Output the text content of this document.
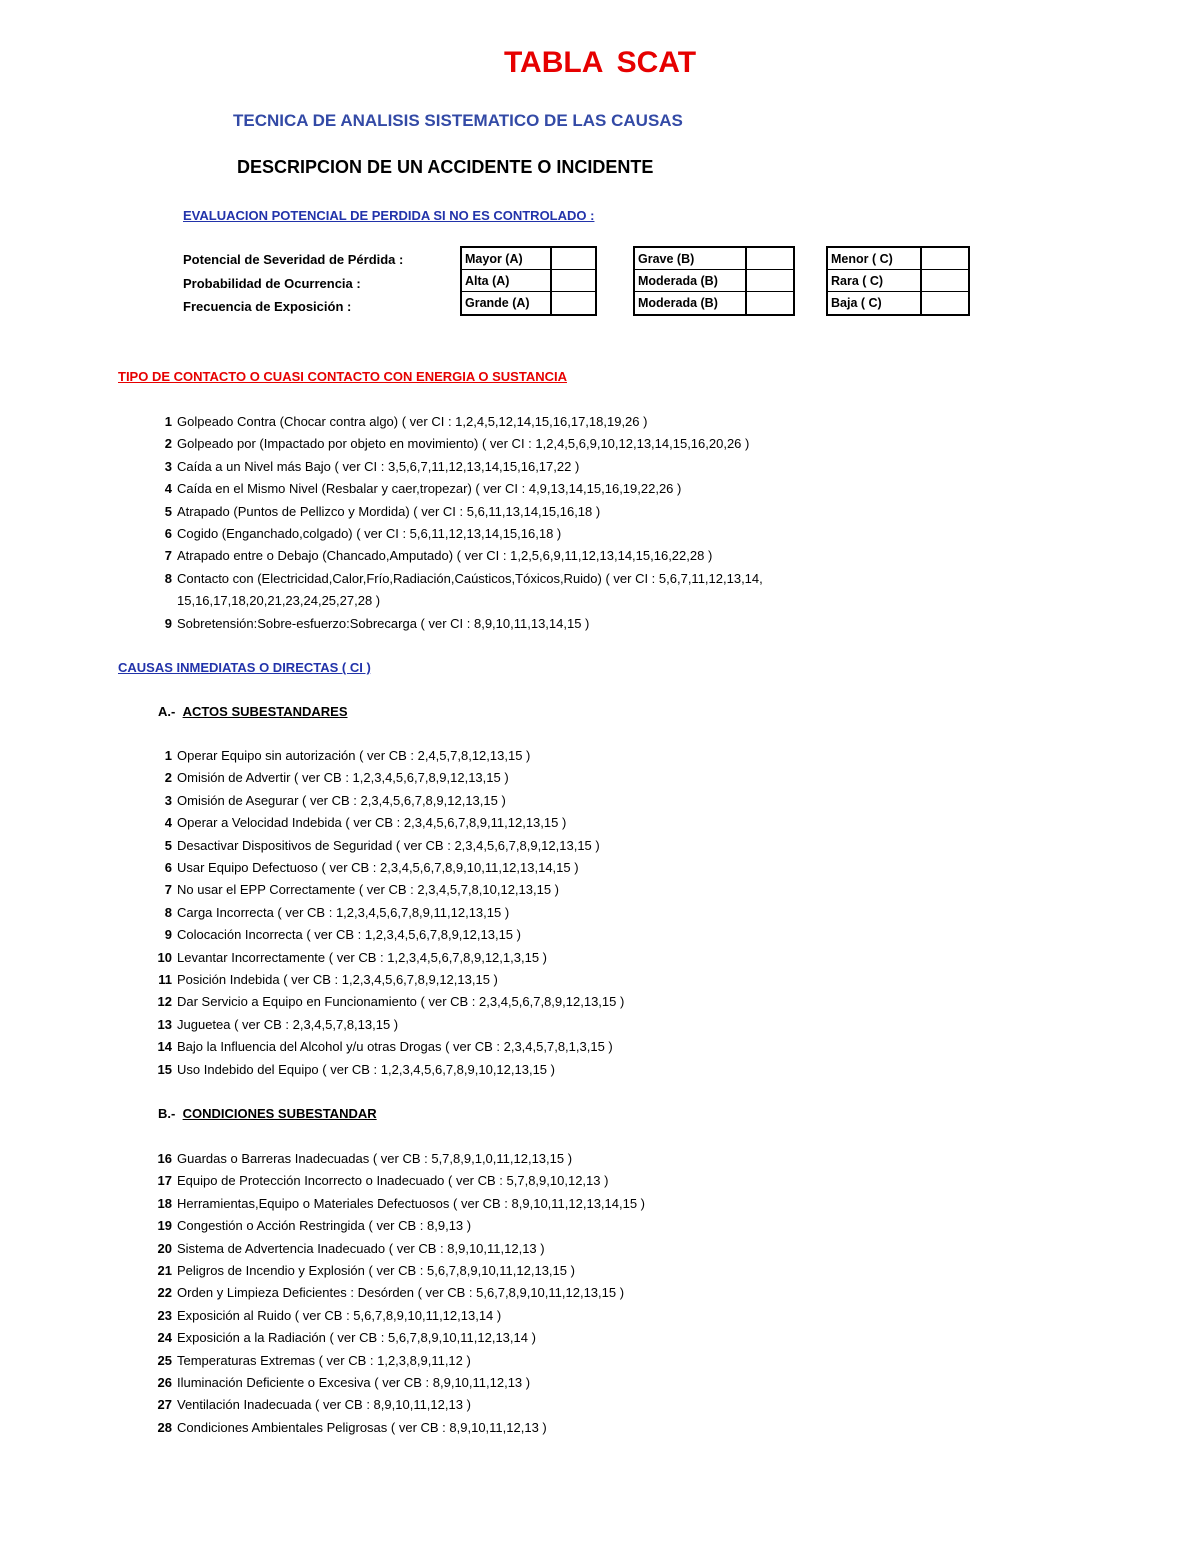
TABLA SCAT
TECNICA DE ANALISIS SISTEMATICO DE LAS CAUSAS
DESCRIPCION DE UN ACCIDENTE O INCIDENTE
EVALUACION POTENCIAL DE PERDIDA SI NO ES CONTROLADO :
Potencial de Severidad de Pérdida :
Probabilidad de Ocurrencia :
Frecuencia de Exposición :
Mayor (A)
Alta (A)
Grande (A)
Grave (B)
Moderada (B)
Moderada (B)
Menor ( C)
Rara ( C)
Baja ( C)
TIPO DE CONTACTO O CUASI CONTACTO CON ENERGIA O SUSTANCIA
1 Golpeado Contra (Chocar contra algo) ( ver CI : 1,2,4,5,12,14,15,16,17,18,19,26 )
2 Golpeado por (Impactado por objeto en movimiento) ( ver CI : 1,2,4,5,6,9,10,12,13,14,15,16,20,26 )
3 Caída a un Nivel más Bajo ( ver CI : 3,5,6,7,11,12,13,14,15,16,17,22 )
4 Caída en el Mismo Nivel (Resbalar y caer,tropezar) ( ver CI : 4,9,13,14,15,16,19,22,26 )
5 Atrapado (Puntos de Pellizco y Mordida) ( ver CI : 5,6,11,13,14,15,16,18 )
6 Cogido (Enganchado,colgado) ( ver CI : 5,6,11,12,13,14,15,16,18 )
7 Atrapado entre o Debajo (Chancado,Amputado) ( ver CI : 1,2,5,6,9,11,12,13,14,15,16,22,28 )
8 Contacto con (Electricidad,Calor,Frío,Radiación,Caústicos,Tóxicos,Ruido) ( ver CI : 5,6,7,11,12,13,14,
15,16,17,18,20,21,23,24,25,27,28 )
9 Sobretensión:Sobre-esfuerzo:Sobrecarga ( ver CI : 8,9,10,11,13,14,15 )
CAUSAS INMEDIATAS O DIRECTAS ( CI )
A.- ACTOS SUBESTANDARES
1 Operar Equipo sin autorización ( ver CB : 2,4,5,7,8,12,13,15 )
2 Omisión de Advertir ( ver CB : 1,2,3,4,5,6,7,8,9,12,13,15 )
3 Omisión de Asegurar ( ver CB : 2,3,4,5,6,7,8,9,12,13,15 )
4 Operar a Velocidad Indebida ( ver CB : 2,3,4,5,6,7,8,9,11,12,13,15 )
5 Desactivar Dispositivos de Seguridad ( ver CB : 2,3,4,5,6,7,8,9,12,13,15 )
6 Usar Equipo Defectuoso ( ver CB : 2,3,4,5,6,7,8,9,10,11,12,13,14,15 )
7 No usar el EPP Correctamente ( ver CB : 2,3,4,5,7,8,10,12,13,15 )
8 Carga Incorrecta ( ver CB : 1,2,3,4,5,6,7,8,9,11,12,13,15 )
9 Colocación Incorrecta ( ver CB : 1,2,3,4,5,6,7,8,9,12,13,15 )
10 Levantar Incorrectamente ( ver CB : 1,2,3,4,5,6,7,8,9,12,1,3,15 )
11 Posición Indebida ( ver CB : 1,2,3,4,5,6,7,8,9,12,13,15 )
12 Dar Servicio a Equipo en Funcionamiento ( ver CB : 2,3,4,5,6,7,8,9,12,13,15 )
13 Juguetea ( ver CB : 2,3,4,5,7,8,13,15 )
14 Bajo la Influencia del Alcohol y/u otras Drogas ( ver CB : 2,3,4,5,7,8,1,3,15 )
15 Uso Indebido del Equipo ( ver CB : 1,2,3,4,5,6,7,8,9,10,12,13,15 )
B.- CONDICIONES SUBESTANDAR
16 Guardas o Barreras Inadecuadas ( ver CB : 5,7,8,9,1,0,11,12,13,15 )
17 Equipo de Protección Incorrecto o Inadecuado ( ver CB : 5,7,8,9,10,12,13 )
18 Herramientas,Equipo o Materiales Defectuosos ( ver CB : 8,9,10,11,12,13,14,15 )
19 Congestión o Acción Restringida ( ver CB : 8,9,13 )
20 Sistema de Advertencia Inadecuado ( ver CB : 8,9,10,11,12,13 )
21 Peligros de Incendio y Explosión ( ver CB : 5,6,7,8,9,10,11,12,13,15 )
22 Orden y Limpieza Deficientes : Desórden ( ver CB : 5,6,7,8,9,10,11,12,13,15 )
23 Exposición al Ruido ( ver CB : 5,6,7,8,9,10,11,12,13,14 )
24 Exposición a la Radiación ( ver CB : 5,6,7,8,9,10,11,12,13,14 )
25 Temperaturas Extremas ( ver CB : 1,2,3,8,9,11,12 )
26 Iluminación Deficiente o Excesiva ( ver CB : 8,9,10,11,12,13 )
27 Ventilación Inadecuada ( ver CB : 8,9,10,11,12,13 )
28 Condiciones Ambientales Peligrosas ( ver CB : 8,9,10,11,12,13 )
